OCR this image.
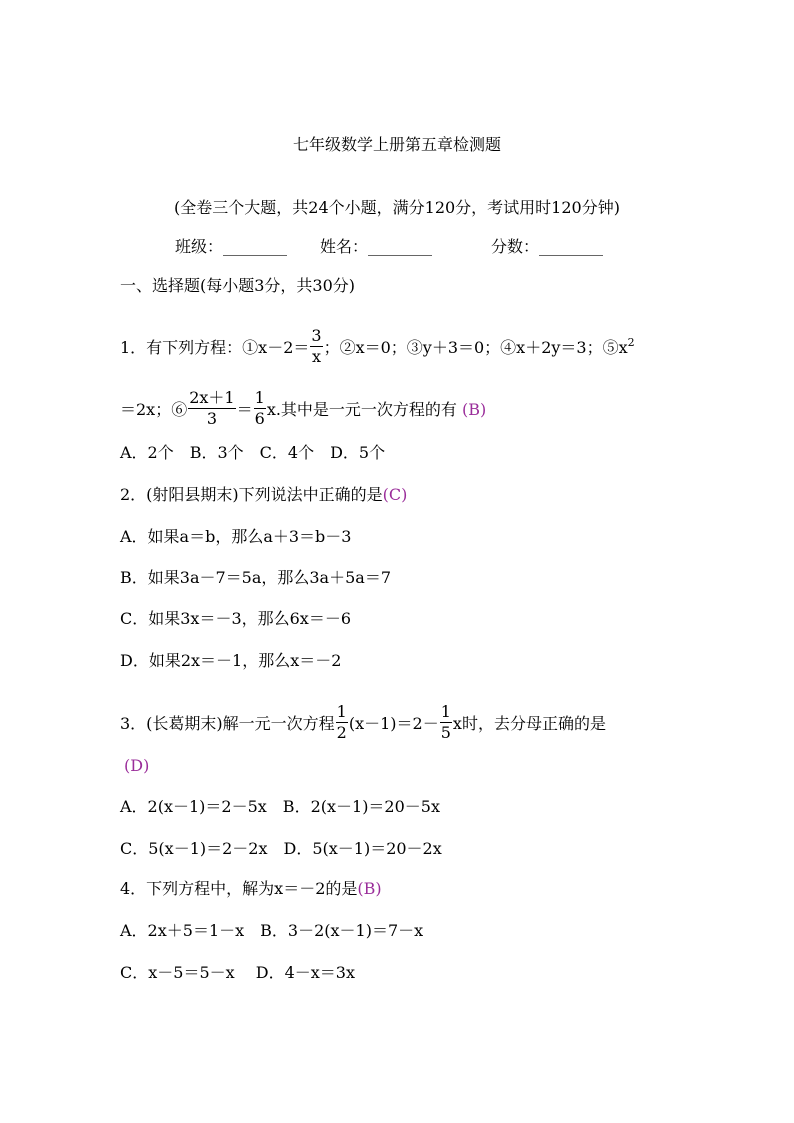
七年级数学上册第五章检测题
(全卷三个大题，共24个小题，满分120分，考试用时120分钟)
班级：________ 姓名：________	分数：________
一、选择题(每小题3分，共30分)
1．有下列方程：①x－2＝ $\frac{3}{x}$ ；②x＝0；③y＋3＝0；④x＋2y＝3；$⑤x^2$
＝2x；⑥ $\frac{2x+1}{3} = \frac{1}{6} x$.其中是一元一次方程的有 (B)
A．2个　B．3个　C．4个　D．5个
2．(射阳县期末)下列说法中正确的是(C)
A．如果a＝b，那么a＋3＝b－3
B．如果3a－7＝5a，那么3a＋5a＝7
C．如果3x＝－3，那么6x＝－6
D．如果2x＝－1，那么x＝－2
3．(长葛期末)解一元一次方程 $\frac{1}{2} (x-1)=2- \frac{1}{5}$ x时，去分母正确的是
(D)
A．2(x－1)＝2－5x　B．2(x－1)＝20－5x
C．5(x－1)＝2－2x　D．5(x－1)＝20－2x
4．下列方程中，解为x＝－2的是(B)
A．2x＋5＝1－x　B．3－2(x－1)＝7－x
C．x－5＝5－x　 D．4－x＝3x
